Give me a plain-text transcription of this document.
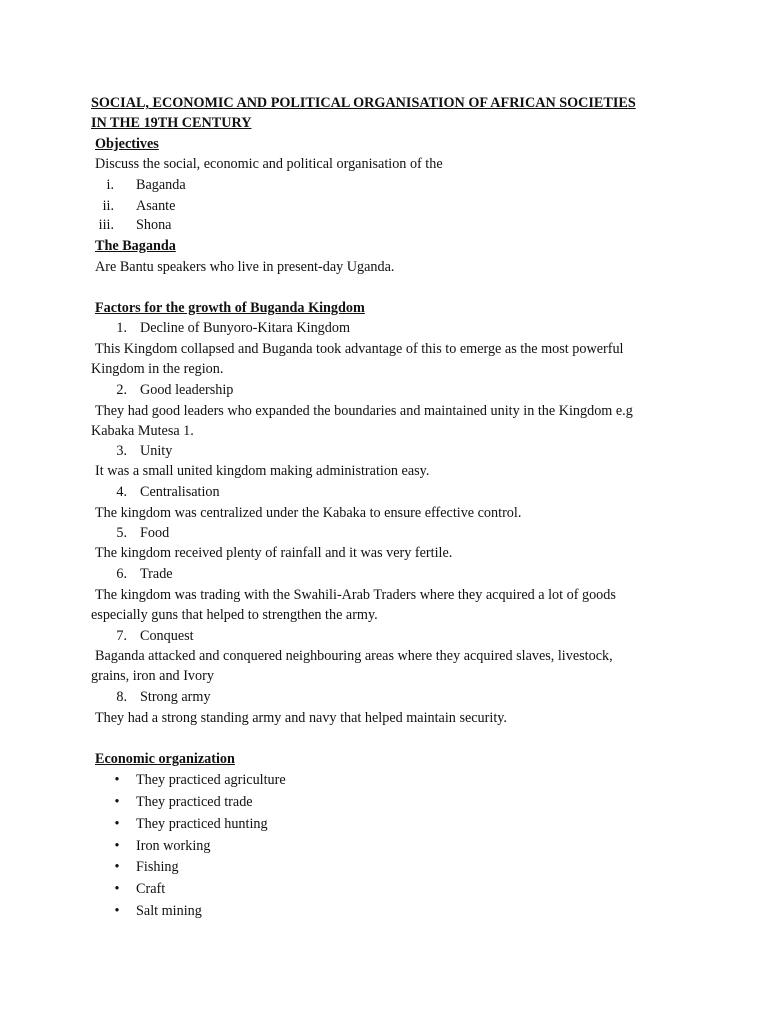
SOCIAL, ECONOMIC AND POLITICAL ORGANISATION OF AFRICAN SOCIETIES
IN THE 19TH CENTURY
Objectives
Discuss the social, economic and political organisation of the
i. Baganda
ii. Asante
iii. Shona
The Baganda
Are Bantu speakers who live in present-day Uganda.
Factors for the growth of Buganda Kingdom
1. Decline of Bunyoro-Kitara Kingdom
This Kingdom collapsed and Buganda took advantage of this to emerge as the most powerful
Kingdom in the region.
2. Good leadership
They had good leaders who expanded the boundaries and maintained unity in the Kingdom e.g
Kabaka Mutesa 1.
3. Unity
It was a small united kingdom making administration easy.
4. Centralisation
The kingdom was centralized under the Kabaka to ensure effective control.
5. Food
The kingdom received plenty of rainfall and it was very fertile.
6. Trade
The kingdom was trading with the Swahili-Arab Traders where they acquired a lot of goods
especially guns that helped to strengthen the army.
7. Conquest
Baganda attacked and conquered neighbouring areas where they acquired slaves, livestock,
grains, iron and Ivory
8. Strong army
They had a strong standing army and navy that helped maintain security.
Economic organization
• They practiced agriculture
• They practiced trade
• They practiced hunting
• Iron working
• Fishing
• Craft
• Salt mining
